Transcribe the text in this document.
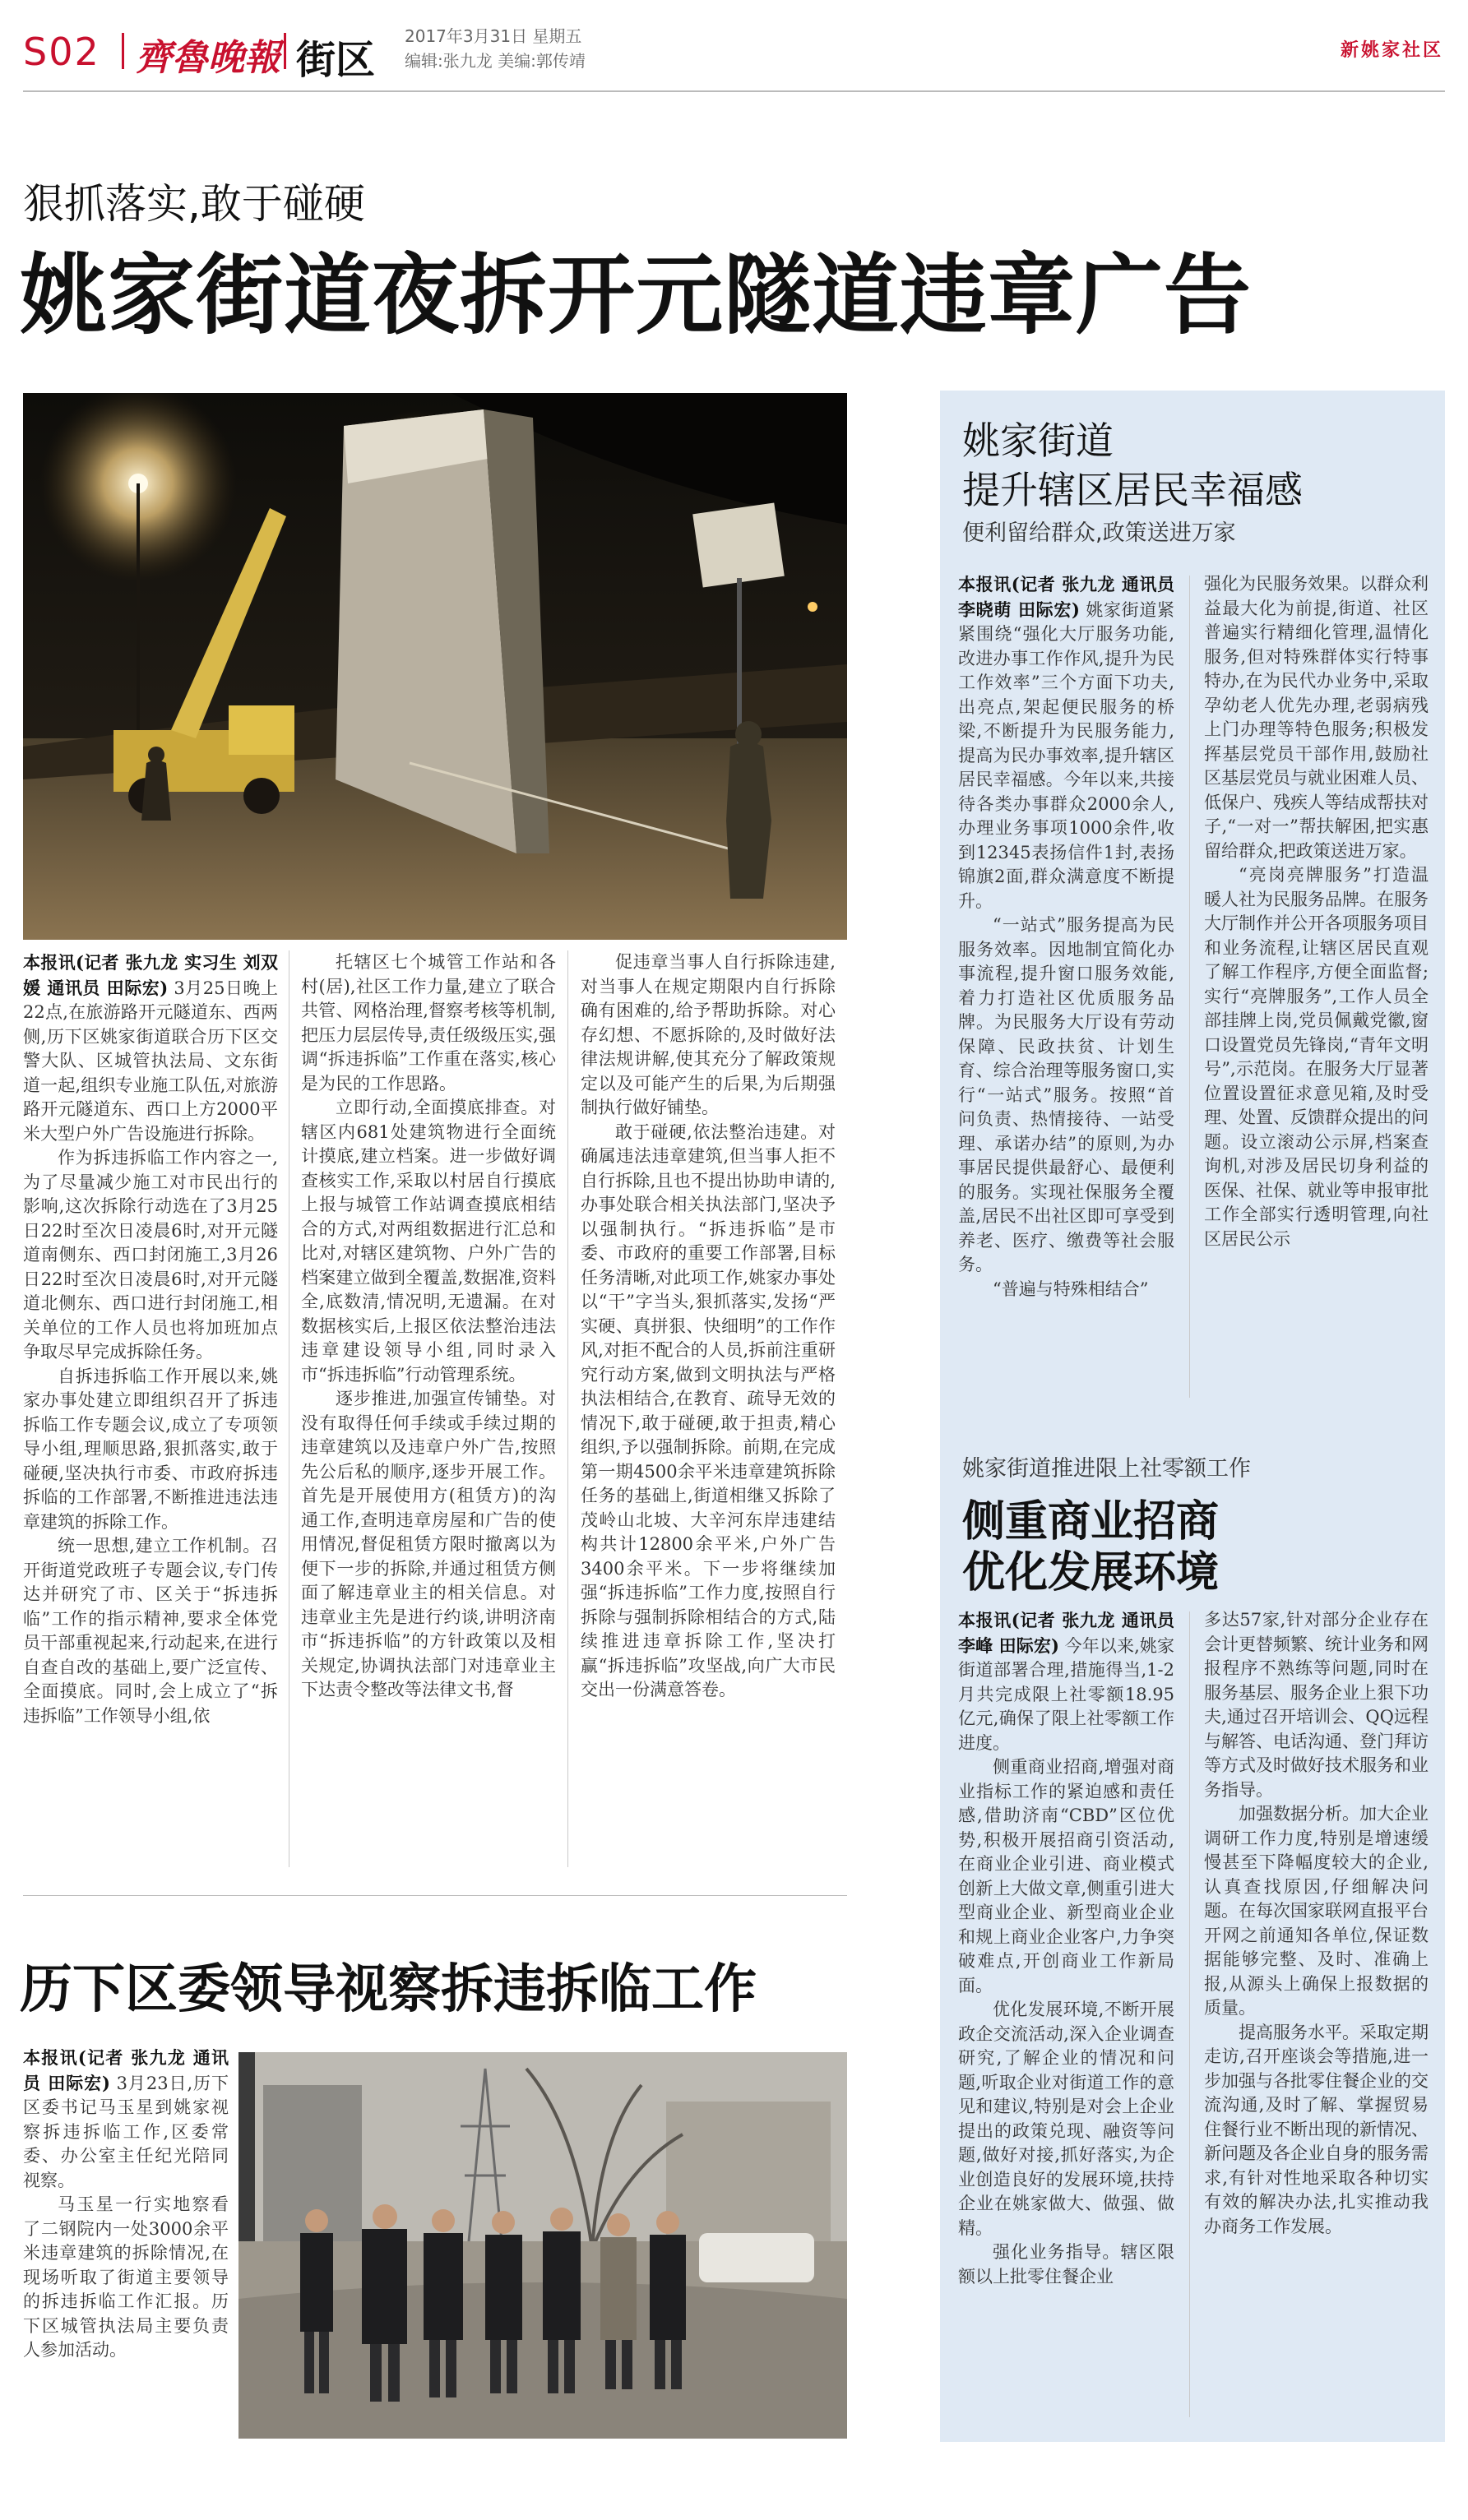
S02 齊魯晚報 街区
2017年3月31日 星期五
编辑:张九龙 美编:郭传靖	新姚家社区
狠抓落实,敢于碰硬
姚家街道夜拆开元隧道违章广告

本报讯(记者 张九龙 实习生 刘双媛 通讯员 田际宏) 3月25日晚上22点,在旅游路开元隧道东、西两侧,历下区姚家街道联合历下区交警大队、区城管执法局、文东街道一起,组织专业施工队伍,对旅游路开元隧道东、西口上方2000平米大型户外广告设施进行拆除。

作为拆违拆临工作内容之一,为了尽量减少施工对市民出行的影响,这次拆除行动选在了3月25日22时至次日凌晨6时,对开元隧道南侧东、西口封闭施工,3月26日22时至次日凌晨6时,对开元隧道北侧东、西口进行封闭施工,相关单位的工作人员也将加班加点争取尽早完成拆除任务。

自拆违拆临工作开展以来,姚家办事处建立即组织召开了拆违拆临工作专题会议,成立了专项领导小组,理顺思路,狠抓落实,敢于碰硬,坚决执行市委、市政府拆违拆临的工作部署,不断推进违法违章建筑的拆除工作。

统一思想,建立工作机制。召开街道党政班子专题会议,专门传达并研究了市、区关于“拆违拆临”工作的指示精神,要求全体党员干部重视起来,行动起来,在进行自查自改的基础上,要广泛宣传、全面摸底。同时,会上成立了“拆违拆临”工作领导小组,依

托辖区七个城管工作站和各村(居),社区工作力量,建立了联合共管、网格治理,督察考核等机制,把压力层层传导,责任级级压实,强调“拆违拆临”工作重在落实,核心是为民的工作思路。

立即行动,全面摸底排查。对辖区内681处建筑物进行全面统计摸底,建立档案。进一步做好调查核实工作,采取以村居自行摸底上报与城管工作站调查摸底相结合的方式,对两组数据进行汇总和比对,对辖区建筑物、户外广告的档案建立做到全覆盖,数据准,资料全,底数清,情况明,无遗漏。在对数据核实后,上报区依法整治违法违章建设领导小组,同时录入市“拆违拆临”行动管理系统。

逐步推进,加强宣传铺垫。对没有取得任何手续或手续过期的违章建筑以及违章户外广告,按照先公后私的顺序,逐步开展工作。首先是开展使用方(租赁方)的沟通工作,查明违章房屋和广告的使用情况,督促租赁方限时撤离以为便下一步的拆除,并通过租赁方侧面了解违章业主的相关信息。对违章业主先是进行约谈,讲明济南市“拆违拆临”的方针政策以及相关规定,协调执法部门对违章业主下达责令整改等法律文书,督

促违章当事人自行拆除违建,对当事人在规定期限内自行拆除确有困难的,给予帮助拆除。对心存幻想、不愿拆除的,及时做好法律法规讲解,使其充分了解政策规定以及可能产生的后果,为后期强制执行做好铺垫。

敢于碰硬,依法整治违建。对确属违法违章建筑,但当事人拒不自行拆除,且也不提出协助申请的,办事处联合相关执法部门,坚决予以强制执行。“拆违拆临”是市委、市政府的重要工作部署,目标任务清晰,对此项工作,姚家办事处以“干”字当头,狠抓落实,发扬“严实硬、真拼狠、快细明”的工作作风,对拒不配合的人员,拆前注重研究行动方案,做到文明执法与严格执法相结合,在教育、疏导无效的情况下,敢于碰硬,敢于担责,精心组织,予以强制拆除。前期,在完成第一期4500余平米违章建筑拆除任务的基础上,街道相继又拆除了茂岭山北坡、大辛河东岸违建结构共计12800余平米,户外广告3400余平米。下一步将继续加强“拆违拆临”工作力度,按照自行拆除与强制拆除相结合的方式,陆续推进违章拆除工作,坚决打赢“拆违拆临”攻坚战,向广大市民交出一份满意答卷。

历下区委领导视察拆违拆临工作

本报讯(记者 张九龙 通讯员 田际宏) 3月23日,历下区委书记马玉星到姚家视察拆违拆临工作,区委常委、办公室主任纪光陪同视察。

马玉星一行实地察看了二钢院内一处3000余平米违章建筑的拆除情况,在现场听取了街道主要领导的拆违拆临工作汇报。历下区城管执法局主要负责人参加活动。

姚家街道
提升辖区居民幸福感
便利留给群众,政策送进万家

本报讯(记者 张九龙 通讯员 李晓萌 田际宏) 姚家街道紧紧围绕“强化大厅服务功能,改进办事工作作风,提升为民工作效率”三个方面下功夫,出亮点,架起便民服务的桥梁,不断提升为民服务能力,提高为民办事效率,提升辖区居民幸福感。今年以来,共接待各类办事群众2000余人,办理业务事项1000余件,收到12345表扬信件1封,表扬锦旗2面,群众满意度不断提升。

“一站式”服务提高为民服务效率。因地制宜简化办事流程,提升窗口服务效能,着力打造社区优质服务品牌。为民服务大厅设有劳动保障、民政扶贫、计划生育、综合治理等服务窗口,实行“一站式”服务。按照“首问负责、热情接待、一站受理、承诺办结”的原则,为办事居民提供最舒心、最便利的服务。实现社保服务全覆盖,居民不出社区即可享受到养老、医疗、缴费等社会服务。

“普遍与特殊相结合”

强化为民服务效果。以群众利益最大化为前提,街道、社区普遍实行精细化管理,温情化服务,但对特殊群体实行特事特办,在为民代办业务中,采取孕幼老人优先办理,老弱病残上门办理等特色服务;积极发挥基层党员干部作用,鼓励社区基层党员与就业困难人员、低保户、残疾人等结成帮扶对子,“一对一”帮扶解困,把实惠留给群众,把政策送进万家。

“亮岗亮牌服务”打造温暖人社为民服务品牌。在服务大厅制作并公开各项服务项目和业务流程,让辖区居民直观了解工作程序,方便全面监督;实行“亮牌服务”,工作人员全部挂牌上岗,党员佩戴党徽,窗口设置党员先锋岗,“青年文明号”,示范岗。在服务大厅显著位置设置征求意见箱,及时受理、处置、反馈群众提出的问题。设立滚动公示屏,档案查询机,对涉及居民切身利益的医保、社保、就业等申报审批工作全部实行透明管理,向社区居民公示

姚家街道推进限上社零额工作
侧重商业招商
优化发展环境

本报讯(记者 张九龙 通讯员 李峰 田际宏) 今年以来,姚家街道部署合理,措施得当,1-2月共完成限上社零额18.95亿元,确保了限上社零额工作进度。

侧重商业招商,增强对商业指标工作的紧迫感和责任感,借助济南“CBD”区位优势,积极开展招商引资活动,在商业企业引进、商业模式创新上大做文章,侧重引进大型商业企业、新型商业企业和规上商业企业客户,力争突破难点,开创商业工作新局面。

优化发展环境,不断开展政企交流活动,深入企业调查研究,了解企业的情况和问题,听取企业对街道工作的意见和建议,特别是对会上企业提出的政策兑现、融资等问题,做好对接,抓好落实,为企业创造良好的发展环境,扶持企业在姚家做大、做强、做精。

强化业务指导。辖区限额以上批零住餐企业

多达57家,针对部分企业存在会计更替频繁、统计业务和网报程序不熟练等问题,同时在服务基层、服务企业上狠下功夫,通过召开培训会、QQ远程与解答、电话沟通、登门拜访等方式及时做好技术服务和业务指导。

加强数据分析。加大企业调研工作力度,特别是增速缓慢甚至下降幅度较大的企业,认真查找原因,仔细解决问题。在每次国家联网直报平台开网之前通知各单位,保证数据能够完整、及时、准确上报,从源头上确保上报数据的质量。

提高服务水平。采取定期走访,召开座谈会等措施,进一步加强与各批零住餐企业的交流沟通,及时了解、掌握贸易住餐行业不断出现的新情况、新问题及各企业自身的服务需求,有针对性地采取各种切实有效的解决办法,扎实推动我办商务工作发展。
